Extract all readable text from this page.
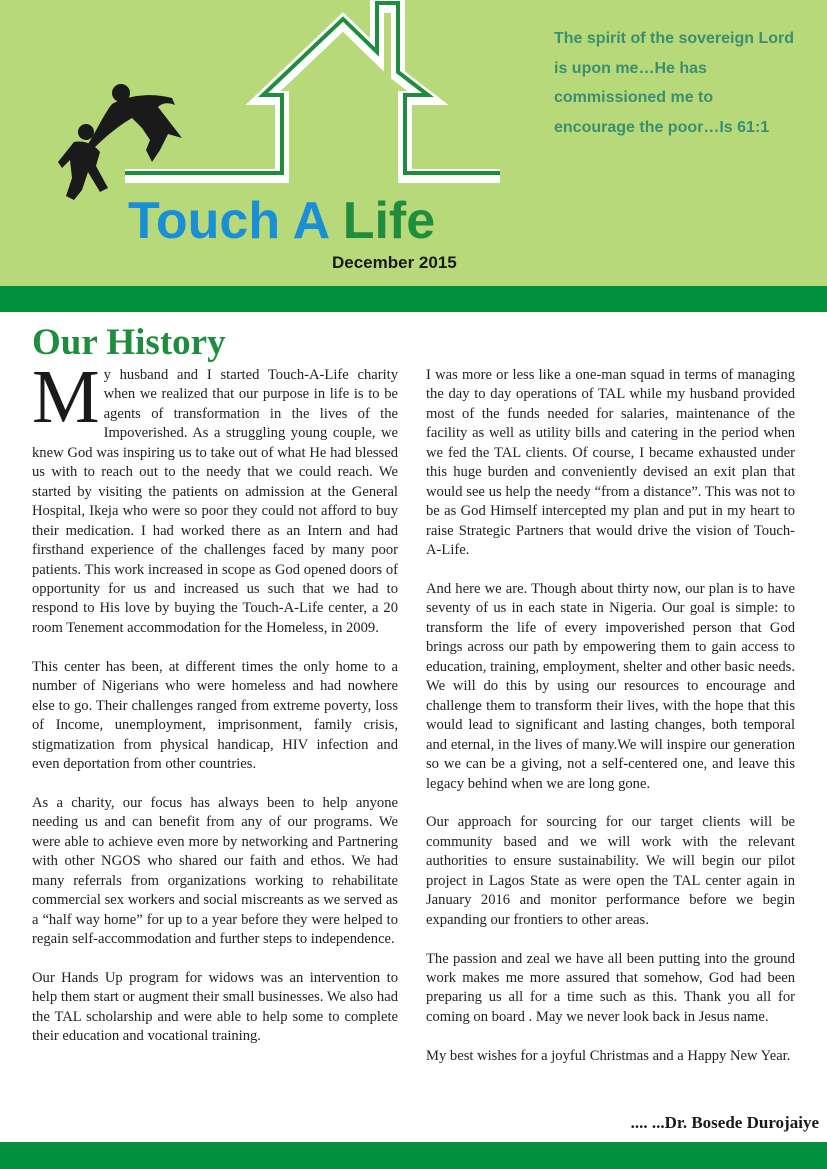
Touch A Life
December 2015
The spirit of the sovereign Lord
is upon me…He has
commissioned me to
encourage the poor…Is 61:1
Our History

My husband and I started Touch-A-Life charity when we realized that our purpose in life is to be agents of transformation in the lives of the Impoverished. As a struggling young couple, we knew God was inspiring us to take out of what He had blessed us with to reach out to the needy that we could reach. We started by visiting the patients on admission at the General Hospital, Ikeja who were so poor they could not afford to buy their medication. I had worked there as an Intern and had firsthand experience of the challenges faced by many poor patients. This work increased in scope as God opened doors of opportunity for us and increased us such that we had to respond to His love by buying the Touch-A-Life center, a 20 room Tenement accommodation for the Homeless, in 2009.

This center has been, at different times the only home to a number of Nigerians who were homeless and had nowhere else to go. Their challenges ranged from extreme poverty, loss of Income, unemployment, imprisonment, family crisis, stigmatization from physical handicap, HIV infection and even deportation from other countries.

As a charity, our focus has always been to help anyone needing us and can benefit from any of our programs. We were able to achieve even more by networking and Partnering with other NGOS who shared our faith and ethos. We had many referrals from organizations working to rehabilitate commercial sex workers and social miscreants as we served as a “half way home” for up to a year before they were helped to regain self-accommodation and further steps to independence.

Our Hands Up program for widows was an intervention to help them start or augment their small businesses. We also had the TAL scholarship and were able to help some to complete their education and vocational training.

I was more or less like a one-man squad in terms of managing the day to day operations of TAL while my husband provided most of the funds needed for salaries, maintenance of the facility as well as utility bills and catering in the period when we fed the TAL clients. Of course, I became exhausted under this huge burden and conveniently devised an exit plan that would see us help the needy “from a distance”. This was not to be as God Himself intercepted my plan and put in my heart to raise Strategic Partners that would drive the vision of Touch-A-Life.

And here we are. Though about thirty now, our plan is to have seventy of us in each state in Nigeria. Our goal is simple: to transform the life of every impoverished person that God brings across our path by empowering them to gain access to education, training, employment, shelter and other basic needs. We will do this by using our resources to encourage and challenge them to transform their lives, with the hope that this would lead to significant and lasting changes, both temporal and eternal, in the lives of many.We will inspire our generation so we can be a giving, not a self-centered one, and leave this legacy behind when we are long gone.

Our approach for sourcing for our target clients will be community based and we will work with the relevant authorities to ensure sustainability. We will begin our pilot project in Lagos State as were open the TAL center again in January 2016 and monitor performance before we begin expanding our frontiers to other areas.

The passion and zeal we have all been putting into the ground work makes me more assured that somehow, God had been preparing us all for a time such as this. Thank you all for coming on board . May we never look back in Jesus name.

My best wishes for a joyful Christmas and a Happy New Year.

.... ...Dr. Bosede Durojaiye
